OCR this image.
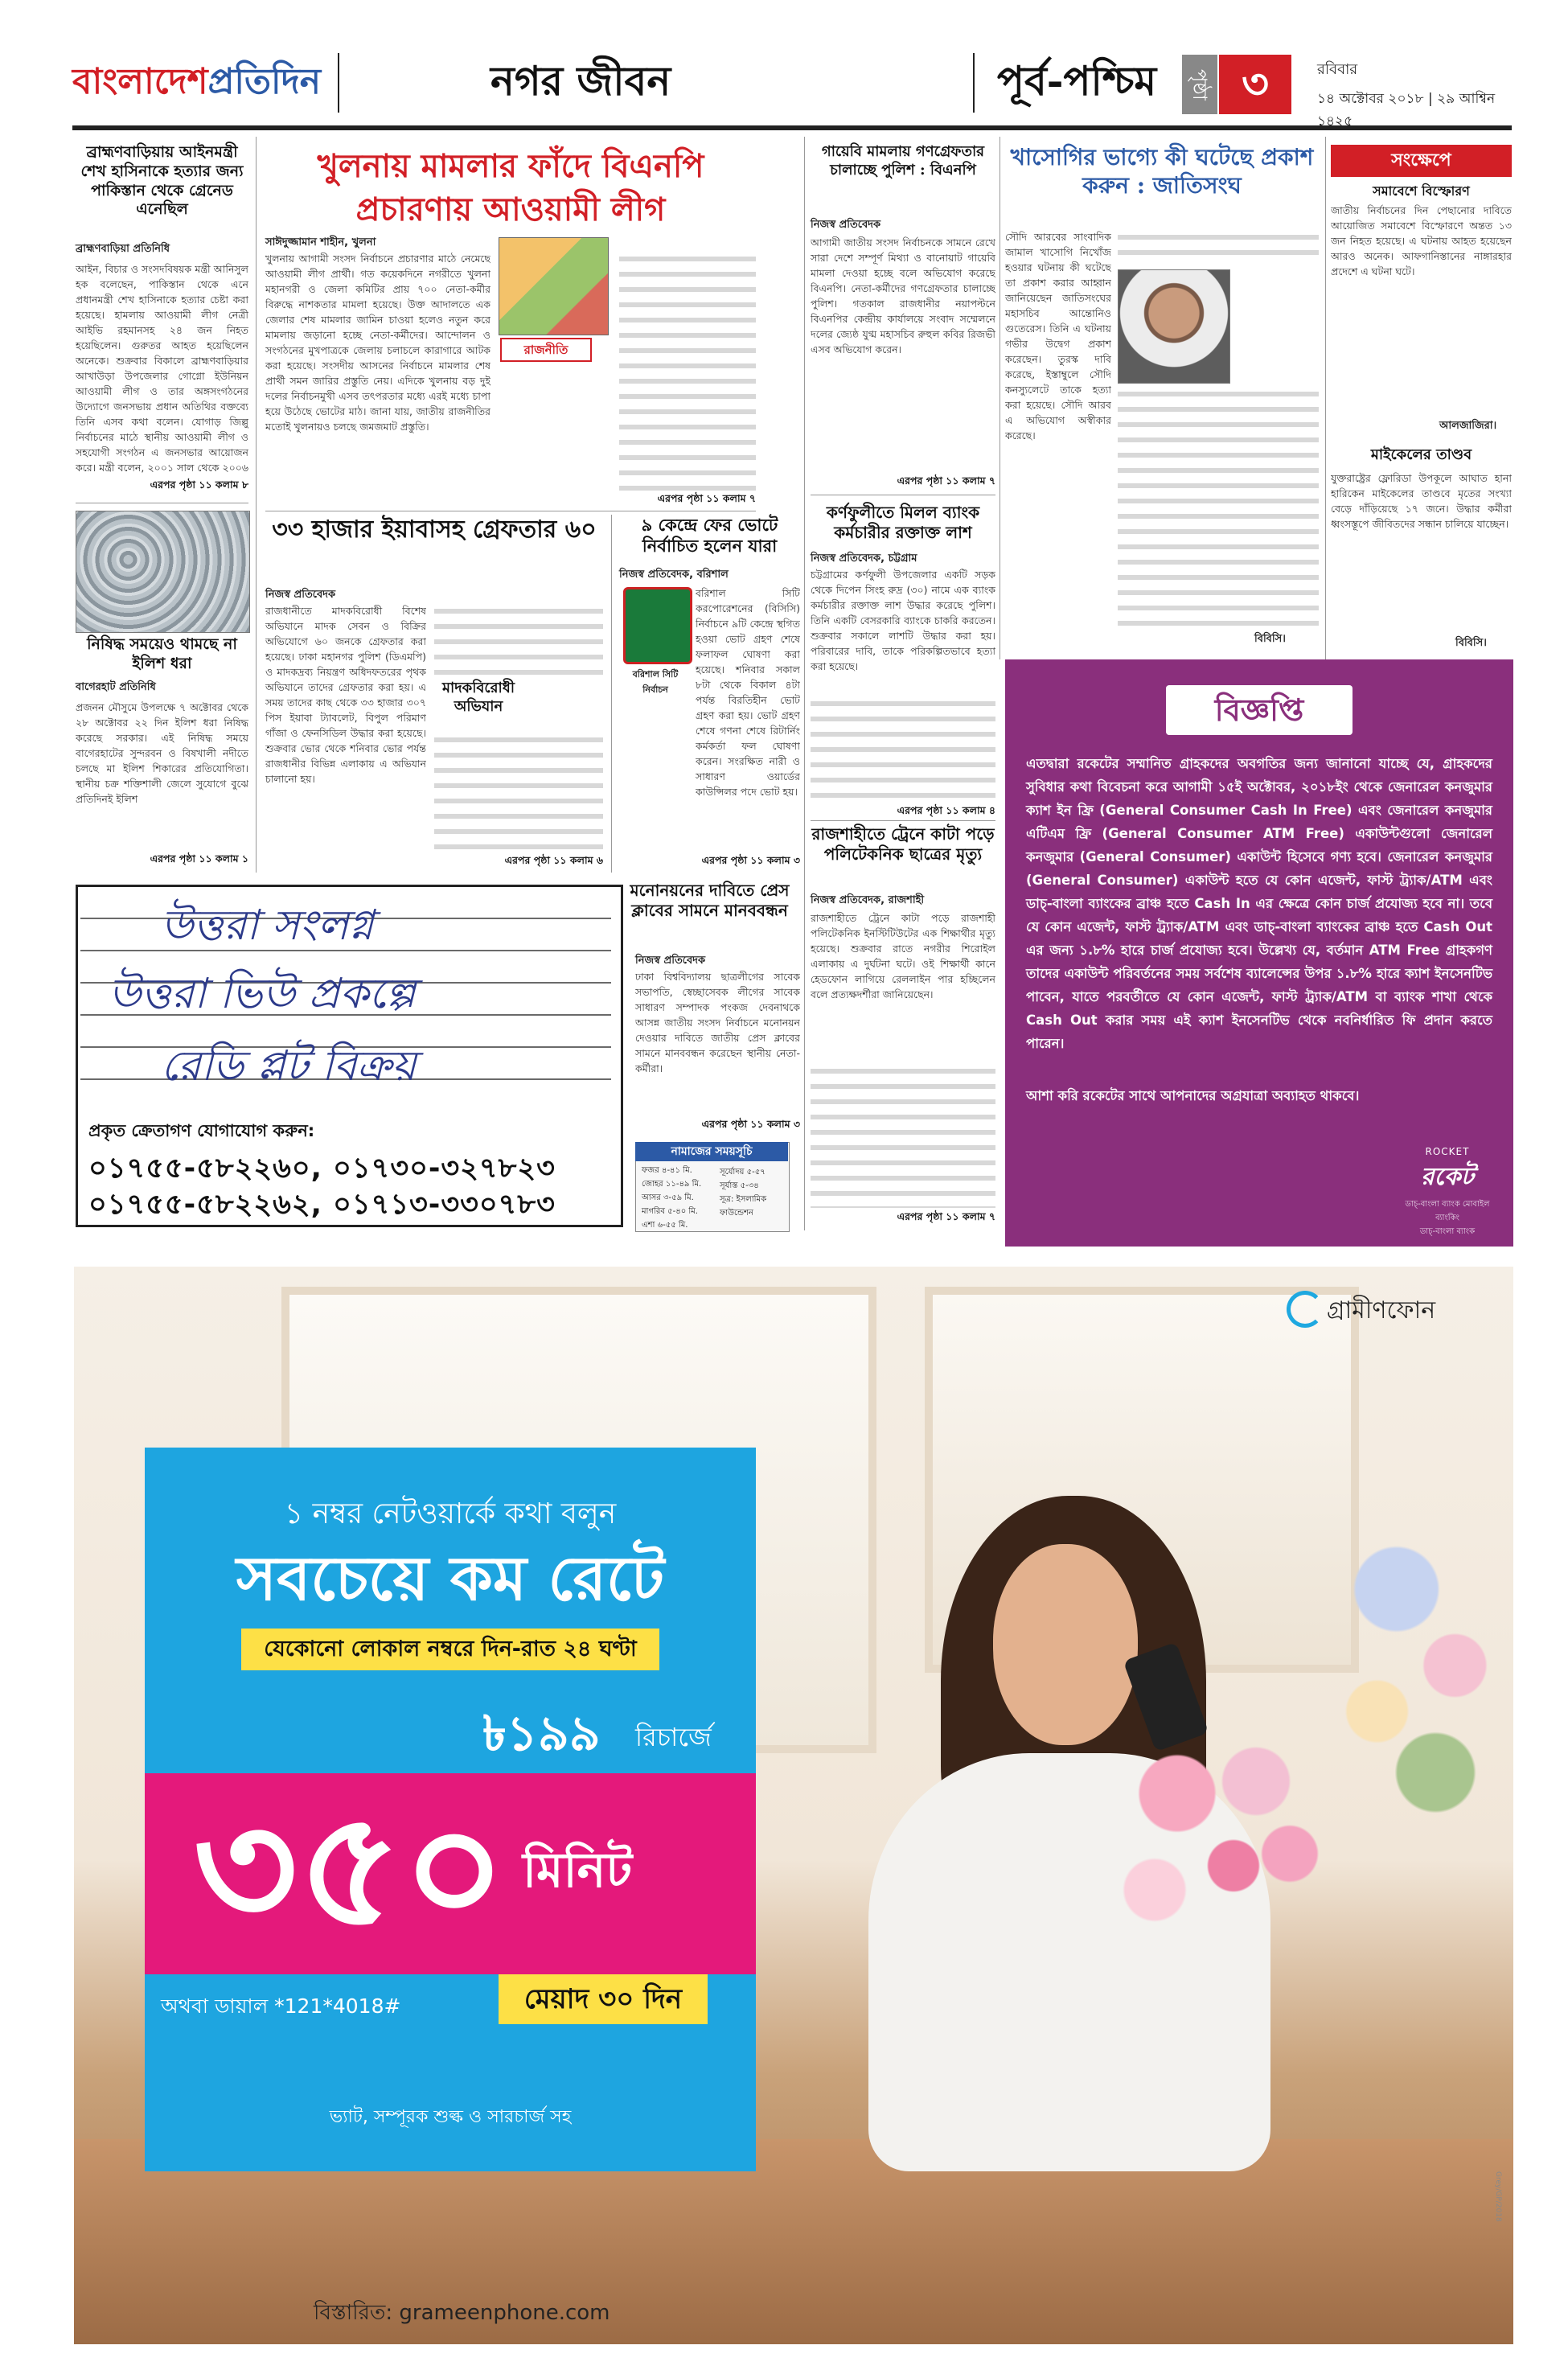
বাংলাদেশপ্রতিদিন	নগর জীবন	পূর্ব-পশ্চিম	পৃষ্ঠা ৩	রবিবার
১৪ অক্টোবর ২০১৮ | ২৯ আশ্বিন ১৪২৫
ব্রাহ্মণবাড়িয়ায় আইনমন্ত্রী শেখ হাসিনাকে হত্যার জন্য পাকিস্তান থেকে গ্রেনেড এনেছিল
ব্রাহ্মণবাড়িয়া প্রতিনিধি
আইন, বিচার ও সংসদবিষয়ক মন্ত্রী আনিসুল হক বলেছেন, পাকিস্তান থেকে এনে প্রধানমন্ত্রী শেখ হাসিনাকে হত্যার চেষ্টা করা হয়েছে। হামলায় আওয়ামী লীগ নেত্রী আইভি রহমানসহ ২৪ জন নিহত হয়েছিলেন। গুরুতর আহত হয়েছিলেন অনেকে। শুক্রবার বিকালে ব্রাহ্মণবাড়িয়ার আখাউড়া উপজেলার গোগ্নো ইউনিয়ন আওয়ামী লীগ ও তার অঙ্গসংগঠনের উদ্যোগে জনসভায় প্রধান অতিথির বক্তব্যে তিনি এসব কথা বলেন। যোগাড় জিল্লু নির্বাচনের মাঠে স্থানীয় আওয়ামী লীগ ও সহযোগী সংগঠন এ জনসভার আয়োজন করে। মন্ত্রী বলেন, ২০০১ সাল থেকে ২০০৬
এরপর পৃষ্ঠা ১১ কলাম ৮
নিষিদ্ধ সময়েও থামছে না ইলিশ ধরা
বাগেরহাট প্রতিনিধি
প্রজনন মৌসুমে উপলক্ষে ৭ অক্টোবর থেকে ২৮ অক্টোবর ২২ দিন ইলিশ ধরা নিষিদ্ধ করেছে সরকার। এই নিষিদ্ধ সময়ে বাগেরহাটের সুন্দরবন ও বিষখালী নদীতে চলছে মা ইলিশ শিকারের প্রতিযোগিতা। স্থানীয় চক্র শক্তিশালী জেলে সুযোগে বুঝে প্রতিদিনই ইলিশ
এরপর পৃষ্ঠা ১১ কলাম ১
খুলনায় মামলার ফাঁদে বিএনপি প্রচারণায় আওয়ামী লীগ
সাঈদুজ্জামান শাহীন, খুলনা
খুলনায় আগামী সংসদ নির্বাচনে প্রচারণার মাঠে নেমেছে আওয়ামী লীগ প্রার্থী। গত কয়েকদিনে নগরীতে খুলনা মহানগরী ও জেলা কমিটির প্রায় ৭০০ নেতা-কর্মীর বিরুদ্ধে নাশকতার মামলা হয়েছে। উক্ত আদালতে এক জেলার শেষ মামলার জামিন চাওয়া হলেও নতুন করে মামলায় জড়ানো হচ্ছে নেতা-কর্মীদের। আন্দোলন ও সংগঠনের মুখপাত্রকে জেলায় চলাচলে কারাগারে আটক করা হয়েছে। সংসদীয় আসনের নির্বাচনে মামলার শেষ প্রার্থী সমন জারির প্রস্তুতি নেয়। এদিকে খুলনায় বড় দুই দলের নির্বাচনমুখী এসব তৎপরতার মধ্যে এরই মধ্যে চাপা হয়ে উঠেছে ভোটের মাঠ। জানা যায়, জাতীয় রাজনীতির মতোই খুলনায়ও চলছে জমজমাট প্রস্তুতি।
রাজনীতি
এরপর পৃষ্ঠা ১১ কলাম ৭
৩৩ হাজার ইয়াবাসহ গ্রেফতার ৬০
নিজস্ব প্রতিবেদক
রাজধানীতে মাদকবিরোধী বিশেষ অভিযানে মাদক সেবন ও বিক্রির অভিযোগে ৬০ জনকে গ্রেফতার করা হয়েছে। ঢাকা মহানগর পুলিশ (ডিএমপি) ও মাদকদ্রব্য নিয়ন্ত্রণ অধিদফতরের পৃথক অভিযানে তাদের গ্রেফতার করা হয়। এ সময় তাদের কাছ থেকে ৩৩ হাজার ৩০৭ পিস ইয়াবা ট্যাবলেট, বিপুল পরিমাণ গাঁজা ও ফেনসিডিল উদ্ধার করা হয়েছে। শুক্রবার ভোর থেকে শনিবার ভোর পর্যন্ত রাজধানীর বিভিন্ন এলাকায় এ অভিযান চালানো হয়।
মাদকবিরোধী অভিযান
এরপর পৃষ্ঠা ১১ কলাম ৬
৯ কেন্দ্রে ফের ভোটে নির্বাচিত হলেন যারা
নিজস্ব প্রতিবেদক, বরিশাল
বরিশাল সিটি নির্বাচন
বরিশাল সিটি করপোরেশনের (বিসিসি) নির্বাচনে ৯টি কেন্দ্রে স্থগিত হওয়া ভোট গ্রহণ শেষে ফলাফল ঘোষণা করা হয়েছে। শনিবার সকাল ৮টা থেকে বিকাল ৪টা পর্যন্ত বিরতিহীন ভোট গ্রহণ করা হয়। ভোট গ্রহণ শেষে গণনা শেষে রিটার্নিং কর্মকর্তা ফল ঘোষণা করেন। সংরক্ষিত নারী ও সাধারণ ওয়ার্ডের কাউন্সিলর পদে ভোট হয়।
এরপর পৃষ্ঠা ১১ কলাম ৩
গায়েবি মামলায় গণগ্রেফতার চালাচ্ছে পুলিশ : বিএনপি
নিজস্ব প্রতিবেদক
আগামী জাতীয় সংসদ নির্বাচনকে সামনে রেখে সারা দেশে সম্পূর্ণ মিথ্যা ও বানোয়াট গায়েবি মামলা দেওয়া হচ্ছে বলে অভিযোগ করেছে বিএনপি। নেতা-কর্মীদের গণগ্রেফতার চালাচ্ছে পুলিশ। গতকাল রাজধানীর নয়াপল্টনে বিএনপির কেন্দ্রীয় কার্যালয়ে সংবাদ সম্মেলনে দলের জ্যেষ্ঠ যুগ্ম মহাসচিব রুহুল কবির রিজভী এসব অভিযোগ করেন।
এরপর পৃষ্ঠা ১১ কলাম ৭
কর্ণফুলীতে মিলল ব্যাংক কর্মচারীর রক্তাক্ত লাশ
নিজস্ব প্রতিবেদক, চট্টগ্রাম
চট্টগ্রামের কর্ণফুলী উপজেলার একটি সড়ক থেকে দিপেন সিংহ রুদ্র (৩০) নামে এক ব্যাংক কর্মচারীর রক্তাক্ত লাশ উদ্ধার করেছে পুলিশ। তিনি একটি বেসরকারি ব্যাংকে চাকরি করতেন। শুক্রবার সকালে লাশটি উদ্ধার করা হয়। পরিবারের দাবি, তাকে পরিকল্পিতভাবে হত্যা করা হয়েছে।
এরপর পৃষ্ঠা ১১ কলাম ৪
রাজশাহীতে ট্রেনে কাটা পড়ে পলিটেকনিক ছাত্রের মৃত্যু
নিজস্ব প্রতিবেদক, রাজশাহী
রাজশাহীতে ট্রেনে কাটা পড়ে রাজশাহী পলিটেকনিক ইনস্টিটিউটের এক শিক্ষার্থীর মৃত্যু হয়েছে। শুক্রবার রাতে নগরীর শিরোইল এলাকায় এ দুর্ঘটনা ঘটে। ওই শিক্ষার্থী কানে হেডফোন লাগিয়ে রেললাইন পার হচ্ছিলেন বলে প্রত্যক্ষদর্শীরা জানিয়েছেন।
এরপর পৃষ্ঠা ১১ কলাম ৭
মনোনয়নের দাবিতে প্রেস ক্লাবের সামনে মানববন্ধন
নিজস্ব প্রতিবেদক
ঢাকা বিশ্ববিদ্যালয় ছাত্রলীগের সাবেক সভাপতি, স্বেচ্ছাসেবক লীগের সাবেক সাধারণ সম্পাদক পংকজ দেবনাথকে আসন্ন জাতীয় সংসদ নির্বাচনে মনোনয়ন দেওয়ার দাবিতে জাতীয় প্রেস ক্লাবের সামনে মানববন্ধন করেছেন স্থানীয় নেতা-কর্মীরা।
এরপর পৃষ্ঠা ১১ কলাম ৩
নামাজের সময়সূচি
ফজর ৪-৪১ মি.
জোহর ১১-৪৯ মি.
আসর ৩-৫৯ মি.
মাগরিব ৫-৪০ মি.
এশা ৬-৫৫ মি.
সূর্যোদয় ৫-৫৭
সূর্যাস্ত ৫-৩৪
সূত্র: ইসলামিক ফাউন্ডেশন
খাসোগির ভাগ্যে কী ঘটেছে প্রকাশ করুন : জাতিসংঘ
সৌদি আরবের সাংবাদিক জামাল খাসোগি নিখোঁজ হওয়ার ঘটনায় কী ঘটেছে তা প্রকাশ করার আহ্বান জানিয়েছেন জাতিসংঘের মহাসচিব আন্তোনিও গুতেরেস। তিনি এ ঘটনায় গভীর উদ্বেগ প্রকাশ করেছেন। তুরস্ক দাবি করেছে, ইস্তাম্বুলে সৌদি কনস্যুলেটে তাকে হত্যা করা হয়েছে। সৌদি আরব এ অভিযোগ অস্বীকার করেছে।
বিবিসি।
সংক্ষেপে
সমাবেশে বিস্ফোরণ
জাতীয় নির্বাচনের দিন পেছানোর দাবিতে আয়োজিত সমাবেশে বিস্ফোরণে অন্তত ১৩ জন নিহত হয়েছে। এ ঘটনায় আহত হয়েছেন আরও অনেক। আফগানিস্তানের নাঙ্গারহার প্রদেশে এ ঘটনা ঘটে।
আলজাজিরা।
মাইকেলের তাণ্ডব
যুক্তরাষ্ট্রের ফ্লোরিডা উপকূলে আঘাত হানা হারিকেন মাইকেলের তাণ্ডবে মৃতের সংখ্যা বেড়ে দাঁড়িয়েছে ১৭ জনে। উদ্ধার কর্মীরা ধ্বংসস্তূপে জীবিতদের সন্ধান চালিয়ে যাচ্ছেন।
বিবিসি।
বিজ্ঞপ্তি
এতদ্বারা রকেটের সম্মানিত গ্রাহকদের অবগতির জন্য জানানো যাচ্ছে যে, গ্রাহকদের সুবিধার কথা বিবেচনা করে আগামী ১৫ই অক্টোবর, ২০১৮ইং থেকে জেনারেল কনজুমার ক্যাশ ইন ফ্রি (General Consumer Cash In Free) এবং জেনারেল কনজুমার এটিএম ফ্রি (General Consumer ATM Free) একাউন্টগুলো জেনারেল কনজুমার (General Consumer) একাউন্ট হিসেবে গণ্য হবে। জেনারেল কনজুমার (General Consumer) একাউন্ট হতে যে কোন এজেন্ট, ফাস্ট ট্র্যাক/ATM এবং ডাচ্-বাংলা ব্যাংকের ব্রাঞ্চ হতে Cash In এর ক্ষেত্রে কোন চার্জ প্রযোজ্য হবে না। তবে যে কোন এজেন্ট, ফাস্ট ট্র্যাক/ATM এবং ডাচ্-বাংলা ব্যাংকের ব্রাঞ্চ হতে Cash Out এর জন্য ১.৮% হারে চার্জ প্রযোজ্য হবে। উল্লেখ্য যে, বর্তমান ATM Free গ্রাহকগণ তাদের একাউন্ট পরিবর্তনের সময় সর্বশেষ ব্যালেন্সের উপর ১.৮% হারে ক্যাশ ইনসেনটিভ পাবেন, যাতে পরবর্তীতে যে কোন এজেন্ট, ফাস্ট ট্র্যাক/ATM বা ব্যাংক শাখা থেকে Cash Out করার সময় এই ক্যাশ ইনসেনটিভ থেকে নবনির্ধারিত ফি প্রদান করতে পারেন।
আশা করি রকেটের সাথে আপনাদের অগ্রযাত্রা অব্যাহত থাকবে।
ROCKET
রকেট
ডাচ্-বাংলা ব্যাংক মোবাইল ব্যাংকিং
ডাচ্-বাংলা ব্যাংক
উত্তরা সংলগ্ন
উত্তরা ভিউ প্রকল্পে
রেডি প্লট বিক্রয়
প্রকৃত ক্রেতাগণ যোগাযোগ করুন:
০১৭৫৫-৫৮২২৬০, ০১৭৩০-৩২৭৮২৩
০১৭৫৫-৫৮২২৬২, ০১৭১৩-৩৩০৭৮৩
গ্রামীণফোন
১ নম্বর নেটওয়ার্কে কথা বলুন
সবচেয়ে কম রেটে
যেকোনো লোকাল নম্বরে দিন-রাত ২৪ ঘণ্টা
৳১৯৯ রিচার্জে
৩৫০ মিনিট
অথবা ডায়াল *121*4018#	মেয়াদ ৩০ দিন
ভ্যাট, সম্পূরক শুল্ক ও সারচার্জ সহ
বিস্তারিত: grameenphone.com
Grey/GP/2018
